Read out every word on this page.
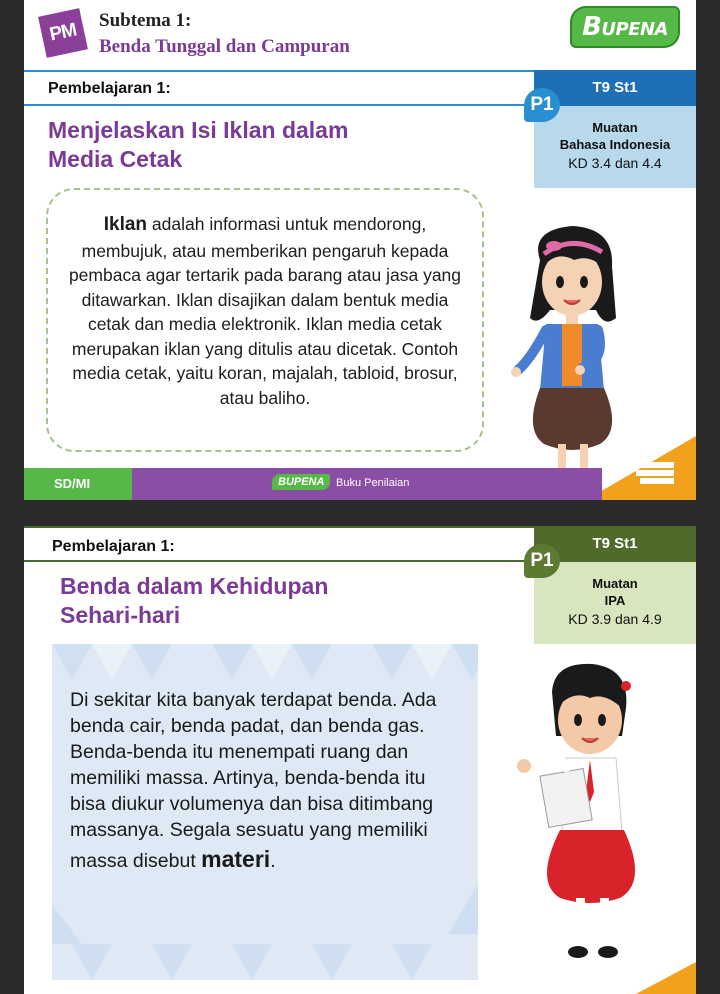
PM	Subtema 1:
Benda Tunggal dan Campuran
BUPENA
Pembelajaran 1:	T9 St1
Muatan
Bahasa Indonesia
KD 3.4 dan 4.4
P1
Menjelaskan Isi Iklan dalam
Media Cetak
Iklan adalah informasi untuk mendorong, membujuk, atau memberikan pengaruh kepada pembaca agar tertarik pada barang atau jasa yang ditawarkan. Iklan disajikan dalam bentuk media cetak dan media elektronik. Iklan media cetak merupakan iklan yang ditulis atau dicetak. Contoh media cetak, yaitu koran, majalah, tabloid, brosur, atau baliho.
SD/MI	BUPENA	Buku Penilaian
Pembelajaran 1:	T9 St1
Muatan
IPA
KD 3.9 dan 4.9
P1
Benda dalam Kehidupan
Sehari-hari
Di sekitar kita banyak terdapat benda. Ada benda cair, benda padat, dan benda gas. Benda-benda itu menempati ruang dan memiliki massa. Artinya, benda-benda itu bisa diukur volumenya dan bisa ditimbang massanya. Segala sesuatu yang memiliki massa disebut materi.
